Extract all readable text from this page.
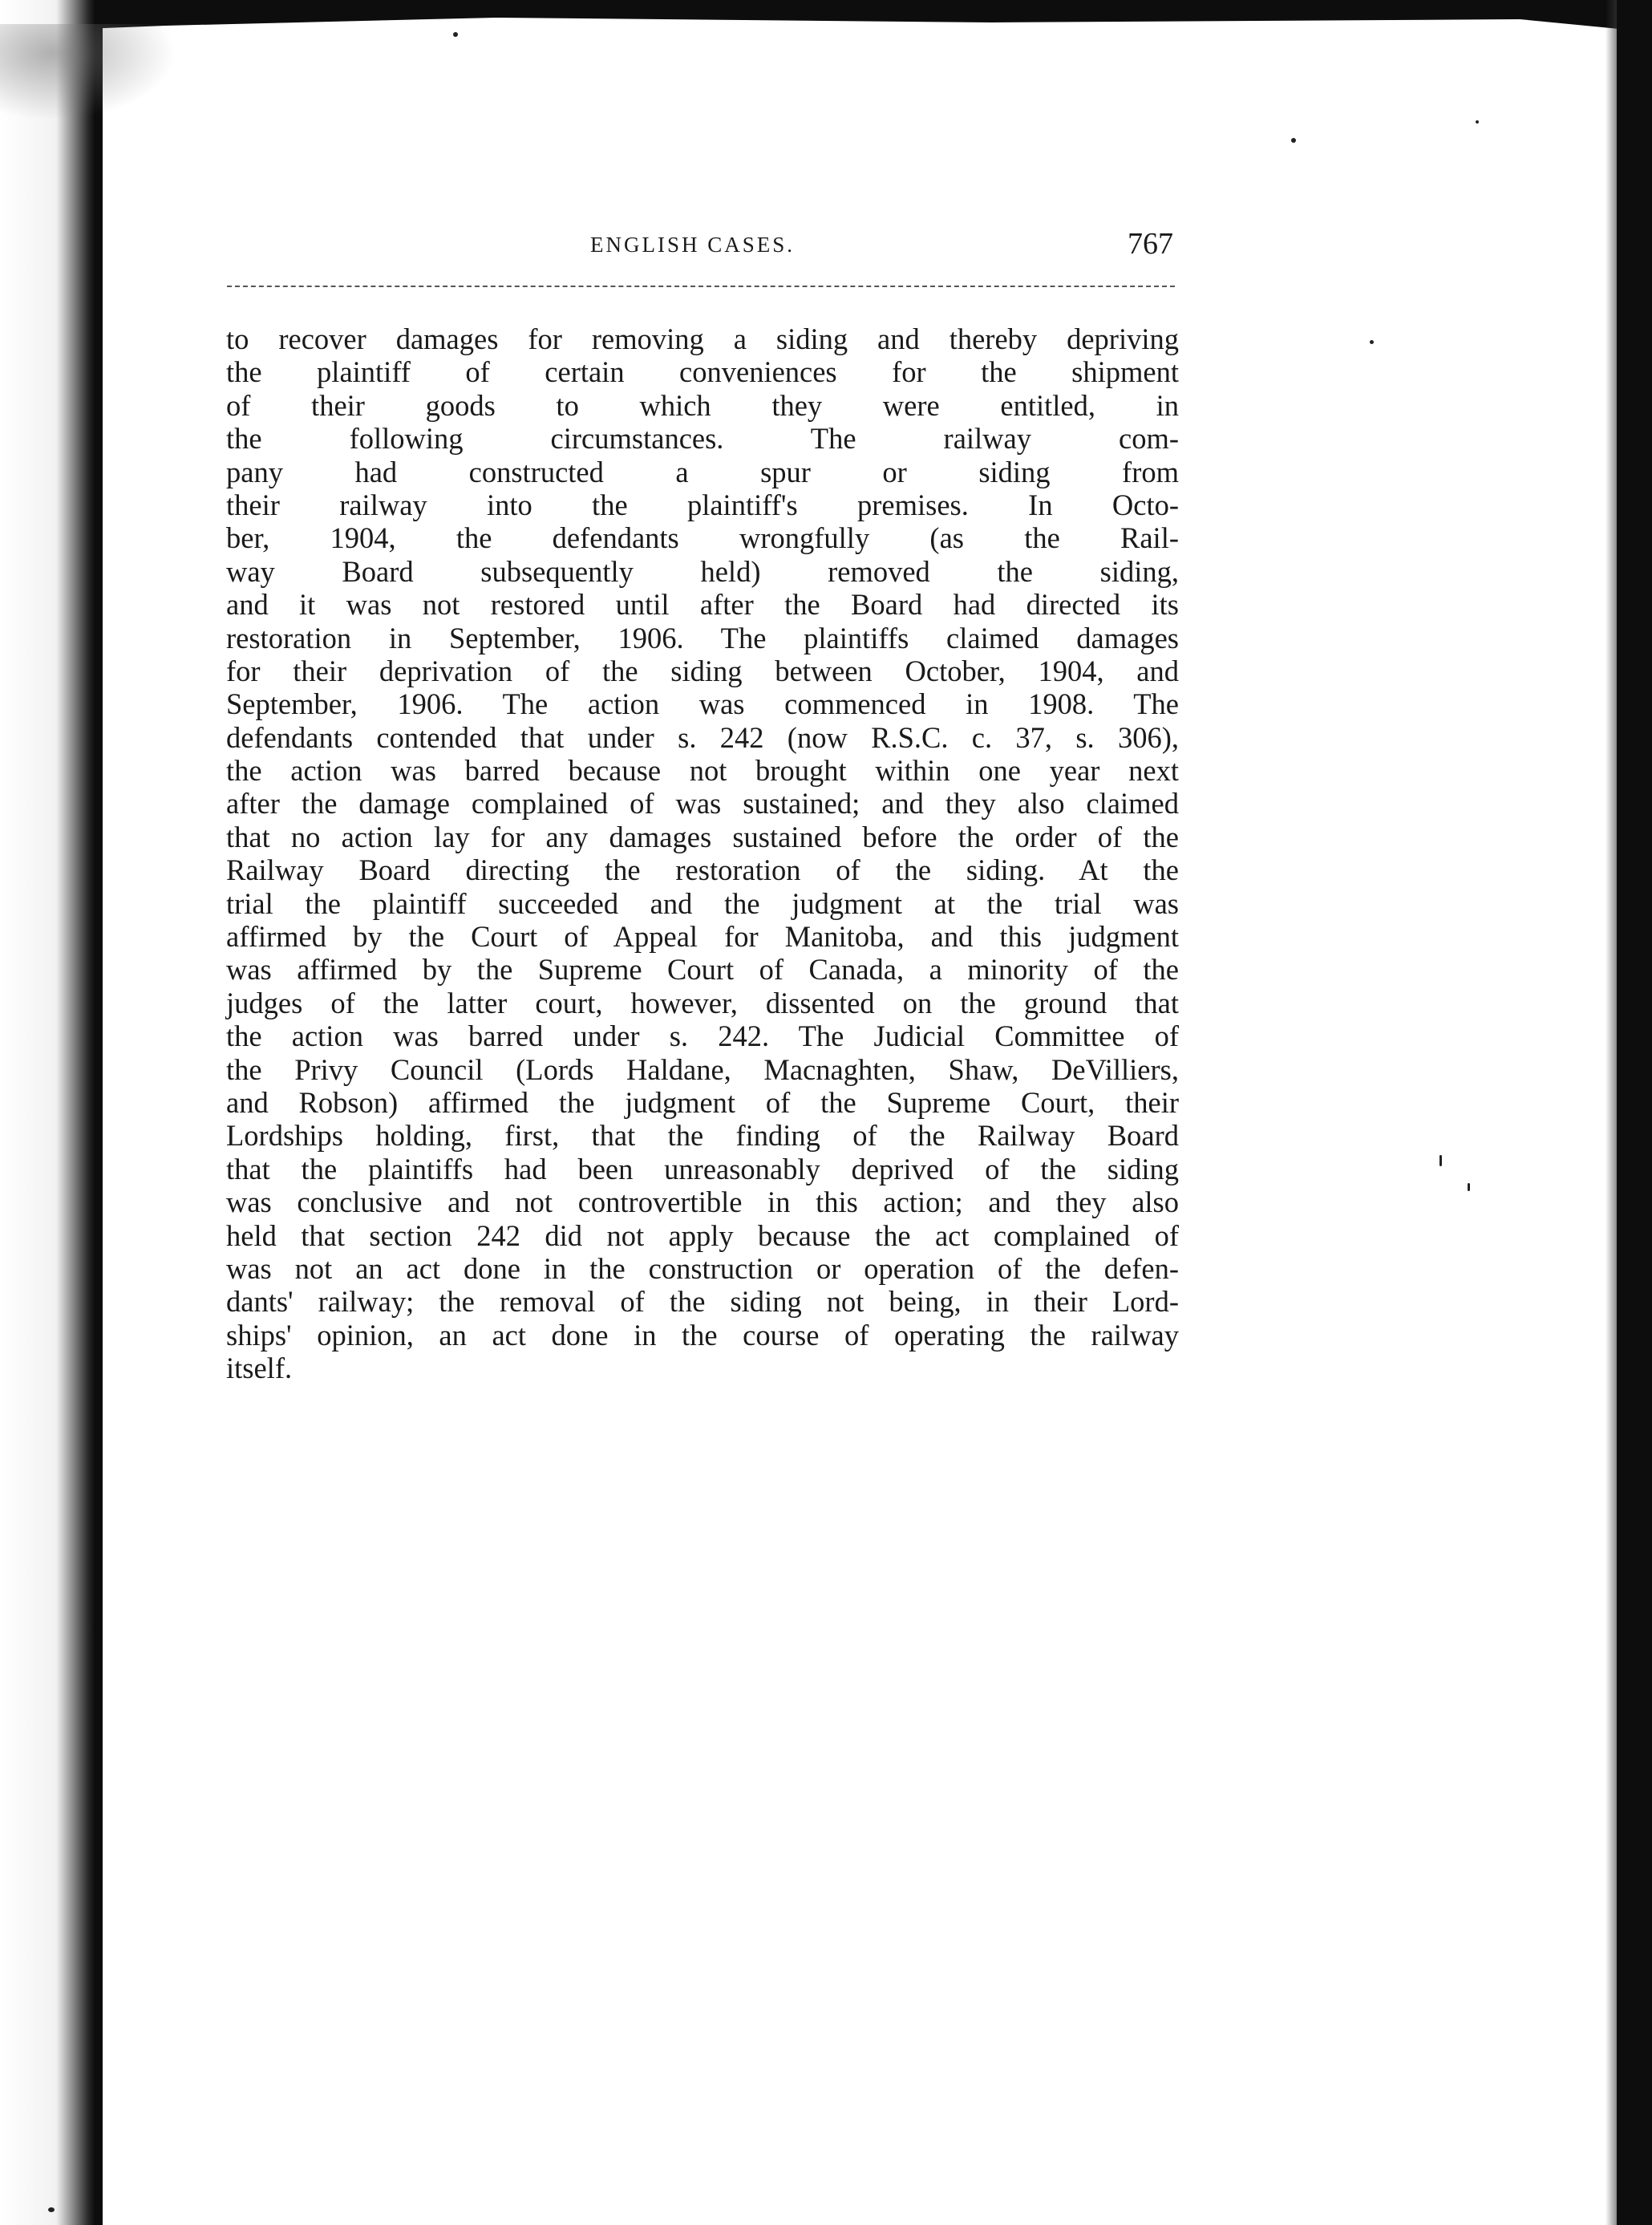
ENGLISH CASES.	767
to recover damages for removing a siding and thereby depriving
the plaintiff of certain conveniences for the shipment
of their goods to which they were entitled, in
the following circumstances. The railway com-
pany had constructed a spur or siding from
their railway into the plaintiff's premises. In Octo-
ber, 1904, the defendants wrongfully (as the Rail-
way Board subsequently held) removed the siding,
and it was not restored until after the Board had directed its
restoration in September, 1906. The plaintiffs claimed damages
for their deprivation of the siding between October, 1904, and
September, 1906. The action was commenced in 1908. The
defendants contended that under s. 242 (now R.S.C. c. 37, s. 306),
the action was barred because not brought within one year next
after the damage complained of was sustained; and they also claimed
that no action lay for any damages sustained before the order of the
Railway Board directing the restoration of the siding. At the
trial the plaintiff succeeded and the judgment at the trial was
affirmed by the Court of Appeal for Manitoba, and this judgment
was affirmed by the Supreme Court of Canada, a minority of the
judges of the latter court, however, dissented on the ground that
the action was barred under s. 242. The Judicial Committee of
the Privy Council (Lords Haldane, Macnaghten, Shaw, DeVilliers,
and Robson) affirmed the judgment of the Supreme Court, their
Lordships holding, first, that the finding of the Railway Board
that the plaintiffs had been unreasonably deprived of the siding
was conclusive and not controvertible in this action; and they also
held that section 242 did not apply because the act complained of
was not an act done in the construction or operation of the defen-
dants' railway; the removal of the siding not being, in their Lord-
ships' opinion, an act done in the course of operating the railway
itself.
